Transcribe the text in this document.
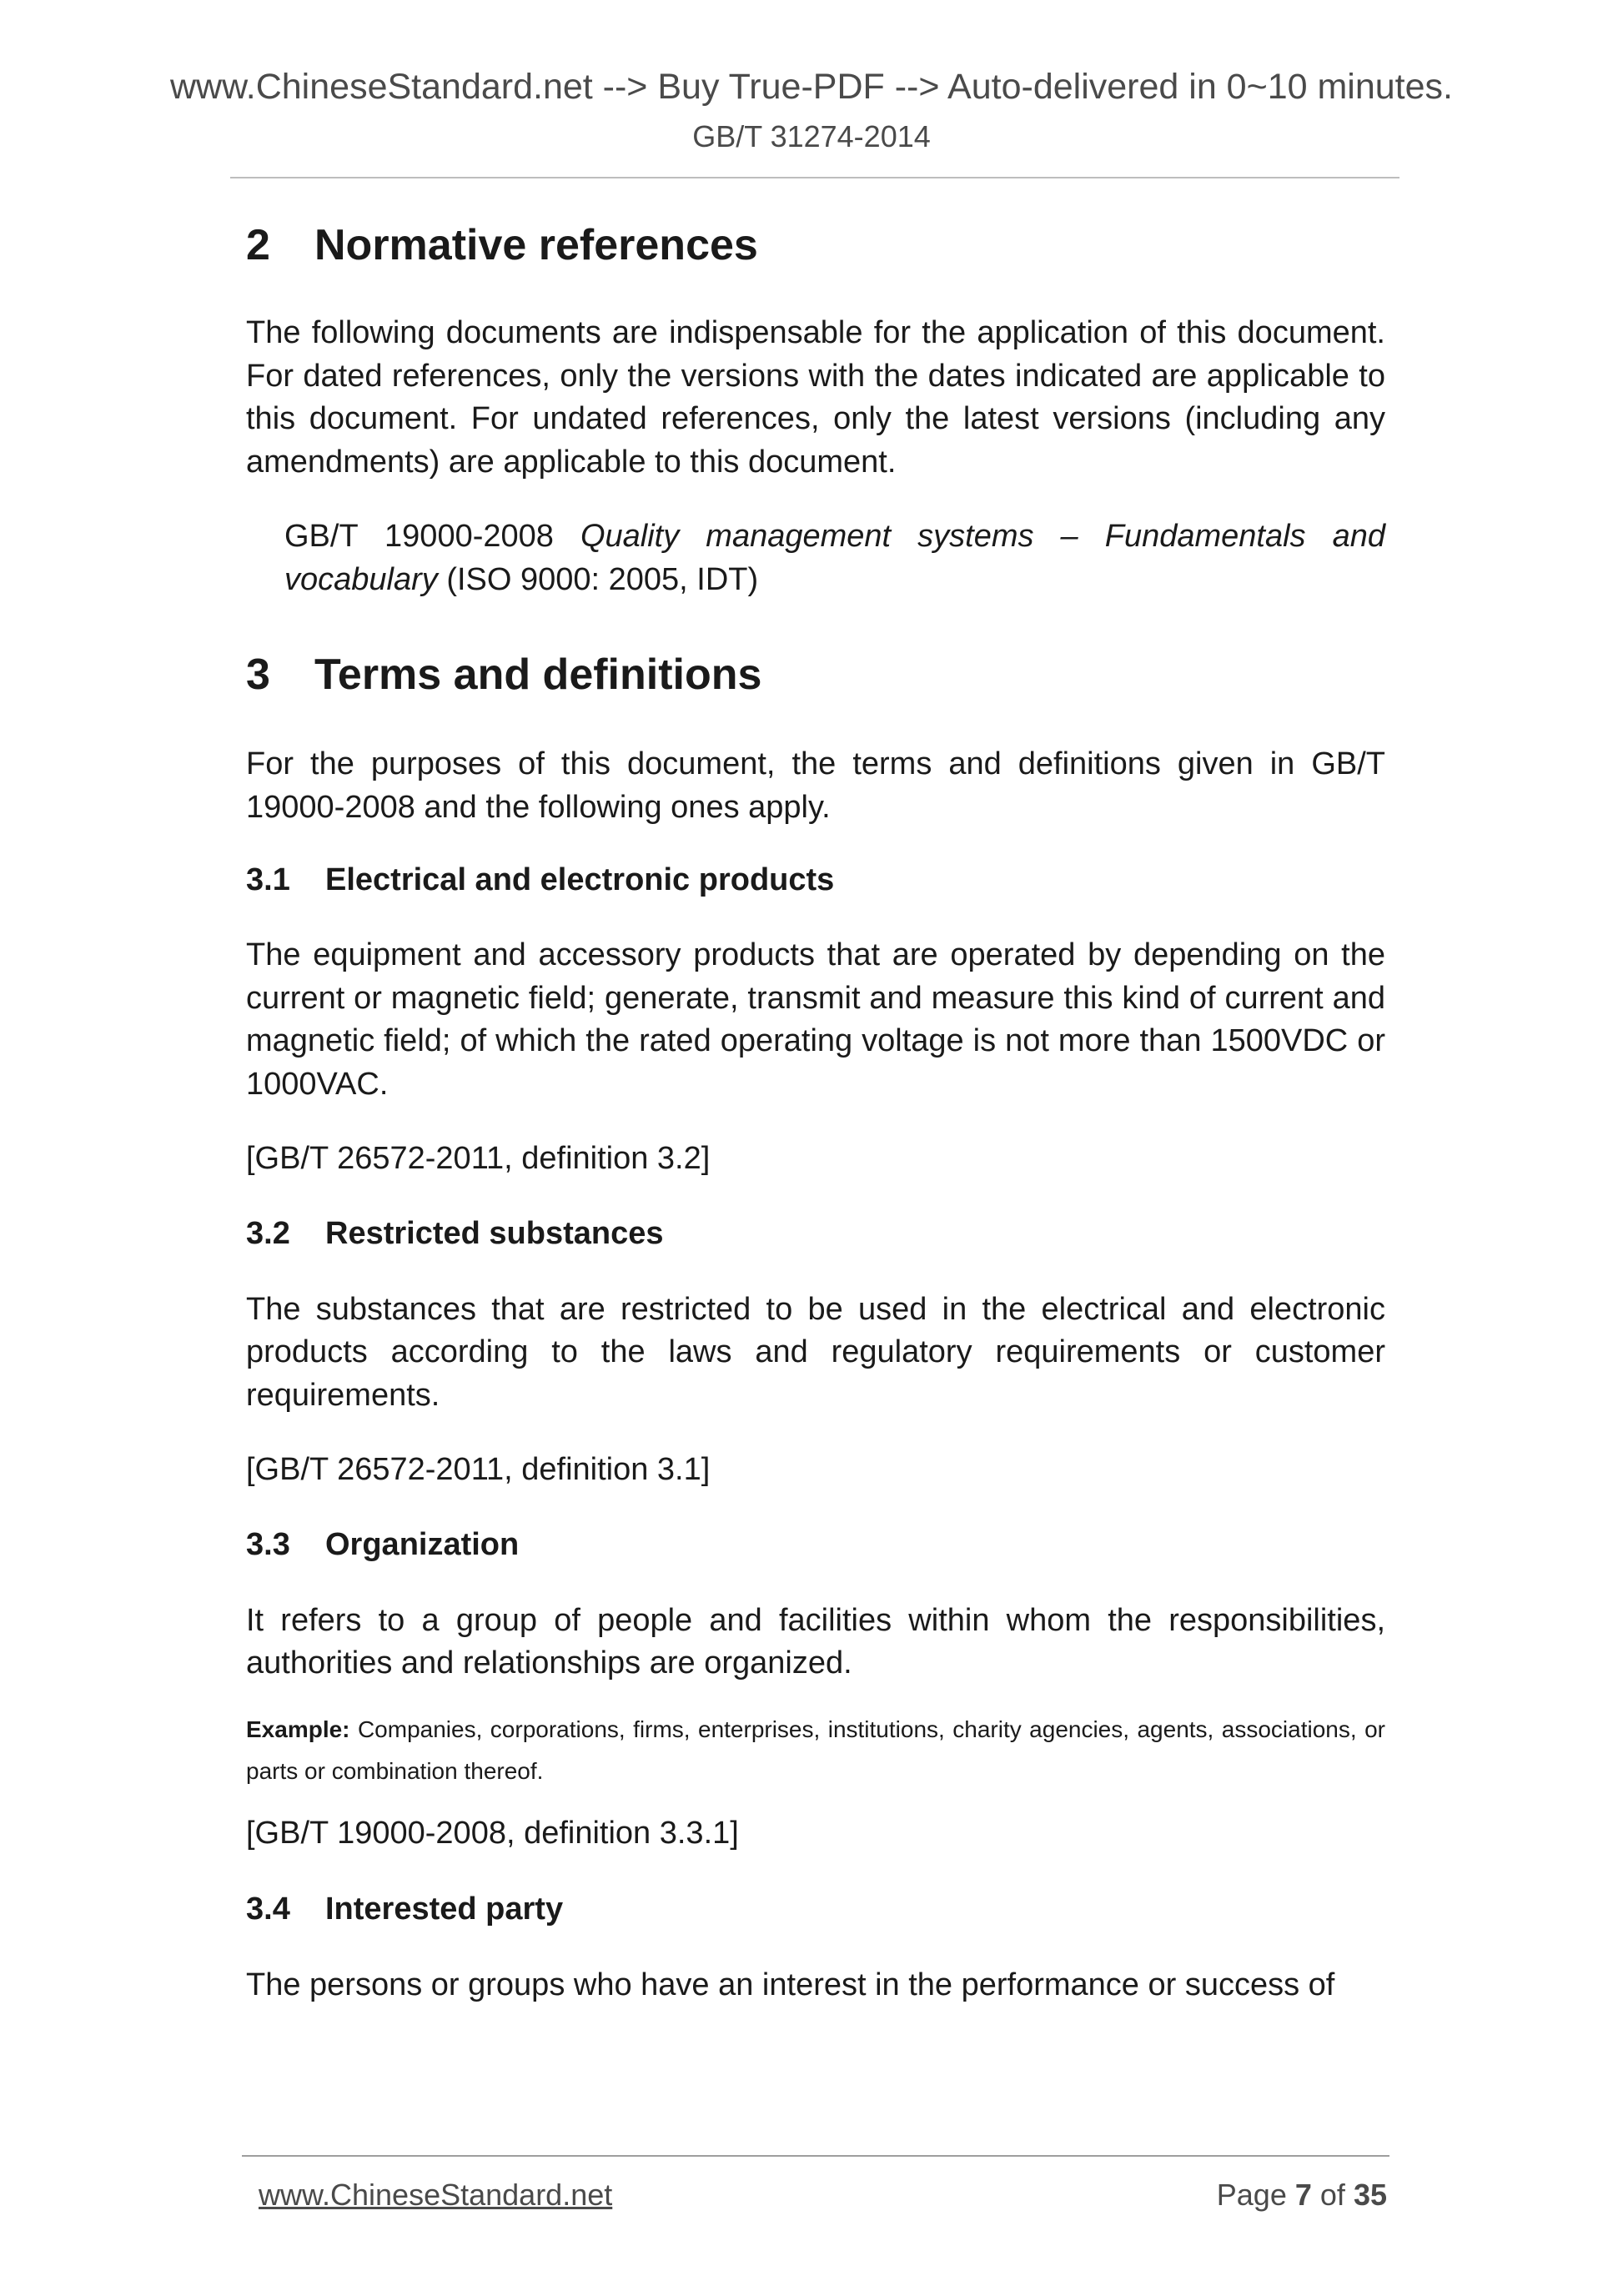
www.ChineseStandard.net --> Buy True-PDF --> Auto-delivered in 0~10 minutes.
GB/T 31274-2014
2	Normative references

The following documents are indispensable for the application of this document. For dated references, only the versions with the dates indicated are applicable to this document. For undated references, only the latest versions (including any amendments) are applicable to this document.

GB/T 19000-2008 Quality management systems – Fundamentals and vocabulary (ISO 9000: 2005, IDT)

3	Terms and definitions

For the purposes of this document, the terms and definitions given in GB/T 19000-2008 and the following ones apply.

3.1	Electrical and electronic products

The equipment and accessory products that are operated by depending on the current or magnetic field; generate, transmit and measure this kind of current and magnetic field; of which the rated operating voltage is not more than 1500VDC or 1000VAC.

[GB/T 26572-2011, definition 3.2]

3.2	Restricted substances

The substances that are restricted to be used in the electrical and electronic products according to the laws and regulatory requirements or customer requirements.

[GB/T 26572-2011, definition 3.1]

3.3	Organization

It refers to a group of people and facilities within whom the responsibilities, authorities and relationships are organized.

Example: Companies, corporations, firms, enterprises, institutions, charity agencies, agents, associations, or parts or combination thereof.

[GB/T 19000-2008, definition 3.3.1]

3.4	Interested party

The persons or groups who have an interest in the performance or success of

www.ChineseStandard.net	Page 7 of 35
